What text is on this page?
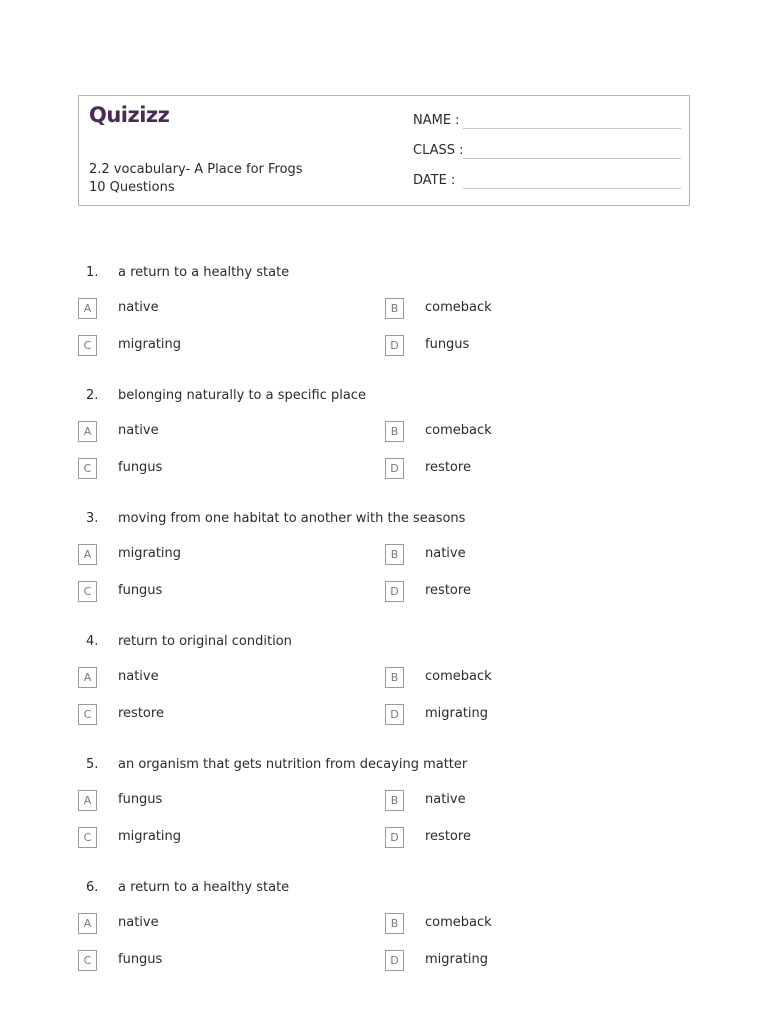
Quizizz
2.2 vocabulary- A Place for Frogs
10 Questions
NAME :
CLASS :
DATE :
1. a return to a healthy state
A	native	B	comeback
C	migrating	D	fungus
2. belonging naturally to a specific place
A	native	B	comeback
C	fungus	D	restore
3. moving from one habitat to another with the seasons
A	migrating	B	native
C	fungus	D	restore
4. return to original condition
A	native	B	comeback
C	restore	D	migrating
5. an organism that gets nutrition from decaying matter
A	fungus	B	native
C	migrating	D	restore
6. a return to a healthy state
A	native	B	comeback
C	fungus	D	migrating
